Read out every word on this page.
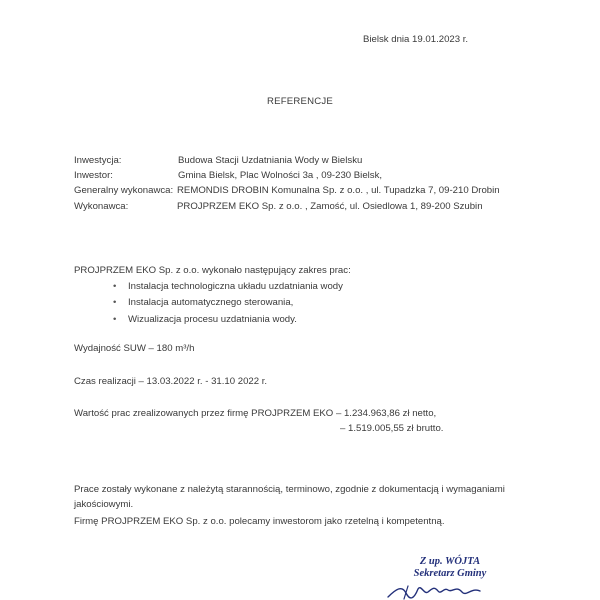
Bielsk dnia 19.01.2023 r.
REFERENCJE
Inwestycja:	Budowa Stacji Uzdatniania Wody w Bielsku
Inwestor:	Gmina Bielsk, Plac Wolności 3a , 09-230 Bielsk,
Generalny wykonawca: REMONDIS DROBIN Komunalna Sp. z o.o. , ul. Tupadzka 7, 09-210 Drobin
Wykonawca:	PROJPRZEM EKO Sp. z o.o. , Zamość, ul. Osiedlowa 1, 89-200 Szubin
PROJPRZEM EKO Sp. z o.o. wykonało następujący zakres prac:
• Instalacja technologiczna układu uzdatniania wody
• Instalacja automatycznego sterowania,
• Wizualizacja procesu uzdatniania wody.
Wydajność SUW – 180 m³/h
Czas realizacji – 13.03.2022 r. - 31.10 2022 r.
Wartość prac zrealizowanych przez firmę PROJPRZEM EKO – 1.234.963,86 zł netto,
– 1.519.005,55 zł brutto.
Prace zostały wykonane z należytą starannością, terminowo, zgodnie z dokumentacją i wymaganiami
jakościowymi.
Firmę PROJPRZEM EKO Sp. z o.o. polecamy inwestorom jako rzetelną i kompetentną.
Z up. WÓJTA
Sekretarz Gminy
